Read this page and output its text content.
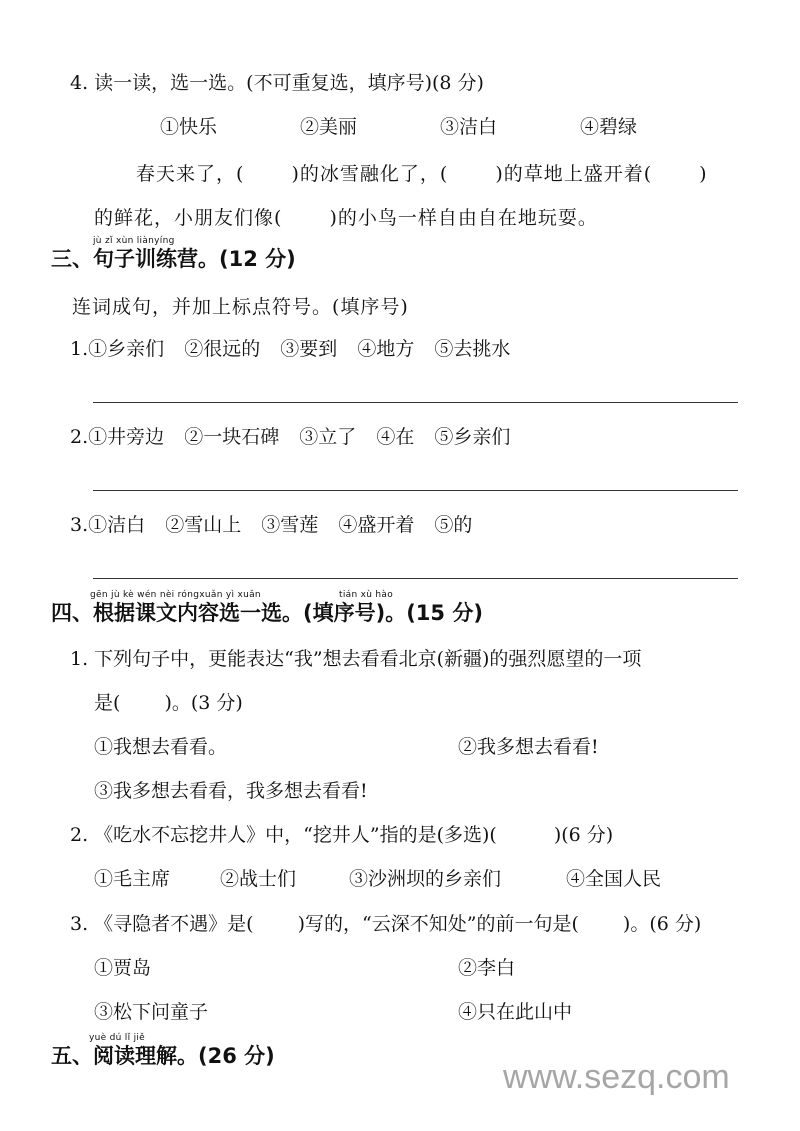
4. 读一读，选一选。(不可重复选，填序号)(8 分)
①快乐	②美丽	③洁白	④碧绿
春天来了，(　　 )的冰雪融化了，(　　 )的草地上盛开着(　　 )
的鲜花，小朋友们像(　　 )的小鸟一样自由自在地玩耍。
jù zǐ xùn liànyíng
三、句子训练营。(12 分)
连词成句，并加上标点符号。(填序号)
1.①乡亲们 ②很远的 ③要到 ④地方 ⑤去挑水
2.①井旁边 ②一块石碑 ③立了 ④在 ⑤乡亲们
3.①洁白 ②雪山上 ③雪莲 ④盛开着 ⑤的
gēn jù kè wén nèi róngxuǎn yì xuǎn	tián xù hào
四、根据课文内容选一选。(填序号)。(15 分)
1. 下列句子中，更能表达“我”想去看看北京(新疆)的强烈愿望的一项
是(　　 )。(3 分)
①我想去看看。	②我多想去看看!
③我多想去看看，我多想去看看!
2. 《吃水不忘挖井人》中，“挖井人”指的是(多选)(　　　)(6 分)
①毛主席	②战士们	③沙洲坝的乡亲们	④全国人民
3. 《寻隐者不遇》是(　　 )写的，“云深不知处”的前一句是(　　 )。(6 分)
①贾岛	②李白
③松下问童子	④只在此山中
yuè dú lǐ jiě
五、阅读理解。(26 分)
www.sezq.com
